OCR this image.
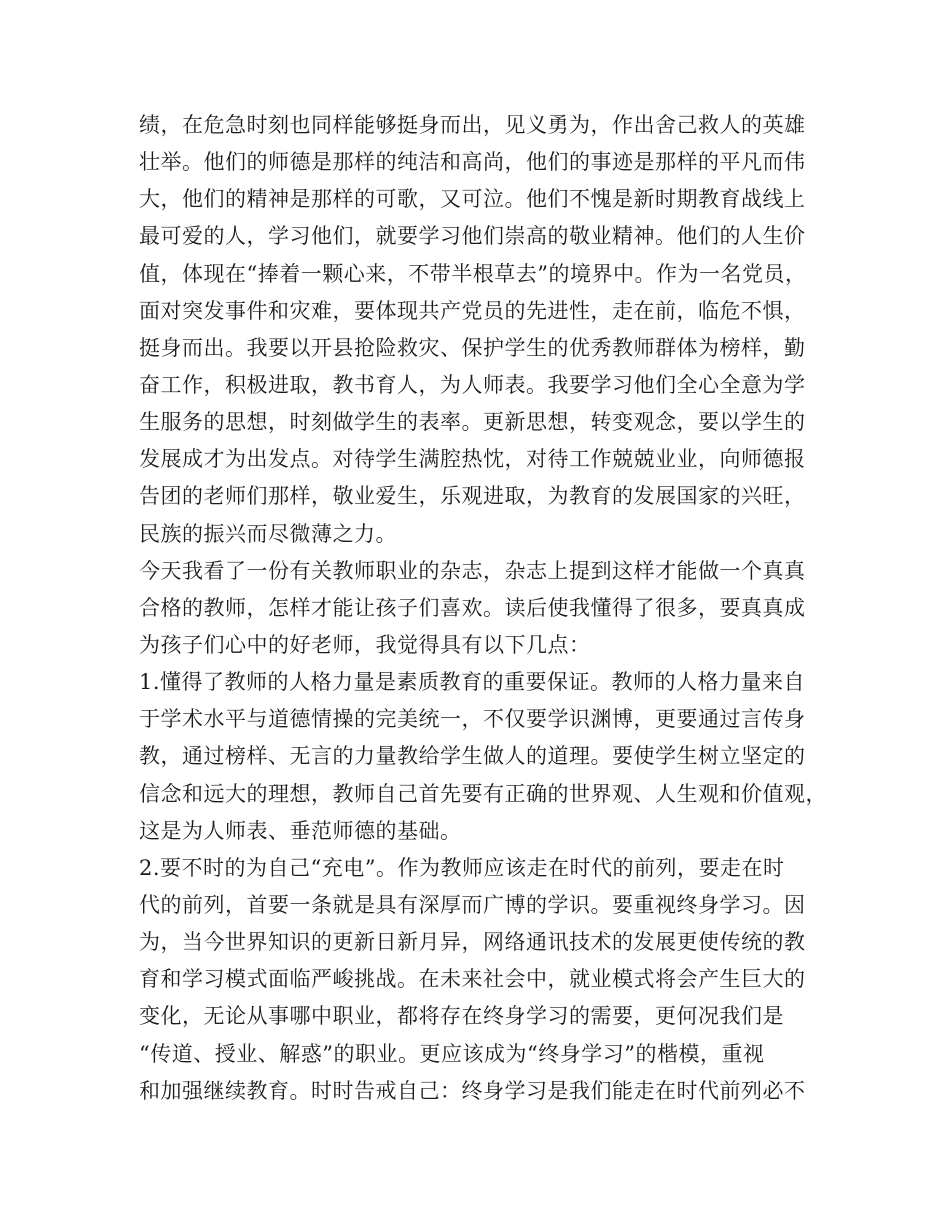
绩，在危急时刻也同样能够挺身而出，见义勇为，作出舍己救人的英雄
壮举。他们的师德是那样的纯洁和高尚，他们的事迹是那样的平凡而伟
大，他们的精神是那样的可歌，又可泣。他们不愧是新时期教育战线上
最可爱的人，学习他们，就要学习他们崇高的敬业精神。他们的人生价
值，体现在“捧着一颗心来，不带半根草去”的境界中。作为一名党员，
面对突发事件和灾难，要体现共产党员的先进性，走在前，临危不惧，
挺身而出。我要以开县抢险救灾、保护学生的优秀教师群体为榜样，勤
奋工作，积极进取，教书育人，为人师表。我要学习他们全心全意为学
生服务的思想，时刻做学生的表率。更新思想，转变观念，要以学生的
发展成才为出发点。对待学生满腔热忱，对待工作兢兢业业，向师德报
告团的老师们那样，敬业爱生，乐观进取，为教育的发展国家的兴旺，
民族的振兴而尽微薄之力。
今天我看了一份有关教师职业的杂志，杂志上提到这样才能做一个真真
合格的教师，怎样才能让孩子们喜欢。读后使我懂得了很多，要真真成
为孩子们心中的好老师，我觉得具有以下几点：
1.懂得了教师的人格力量是素质教育的重要保证。教师的人格力量来自
于学术水平与道德情操的完美统一，不仅要学识渊博，更要通过言传身
教，通过榜样、无言的力量教给学生做人的道理。要使学生树立坚定的
信念和远大的理想，教师自己首先要有正确的世界观、人生观和价值观，
这是为人师表、垂范师德的基础。
2.要不时的为自己“充电”。作为教师应该走在时代的前列，要走在时
代的前列，首要一条就是具有深厚而广博的学识。要重视终身学习。因
为，当今世界知识的更新日新月异，网络通讯技术的发展更使传统的教
育和学习模式面临严峻挑战。在未来社会中，就业模式将会产生巨大的
变化，无论从事哪中职业，都将存在终身学习的需要，更何况我们是
“传道、授业、解惑”的职业。更应该成为“终身学习”的楷模，重视
和加强继续教育。时时告戒自己：终身学习是我们能走在时代前列必不
